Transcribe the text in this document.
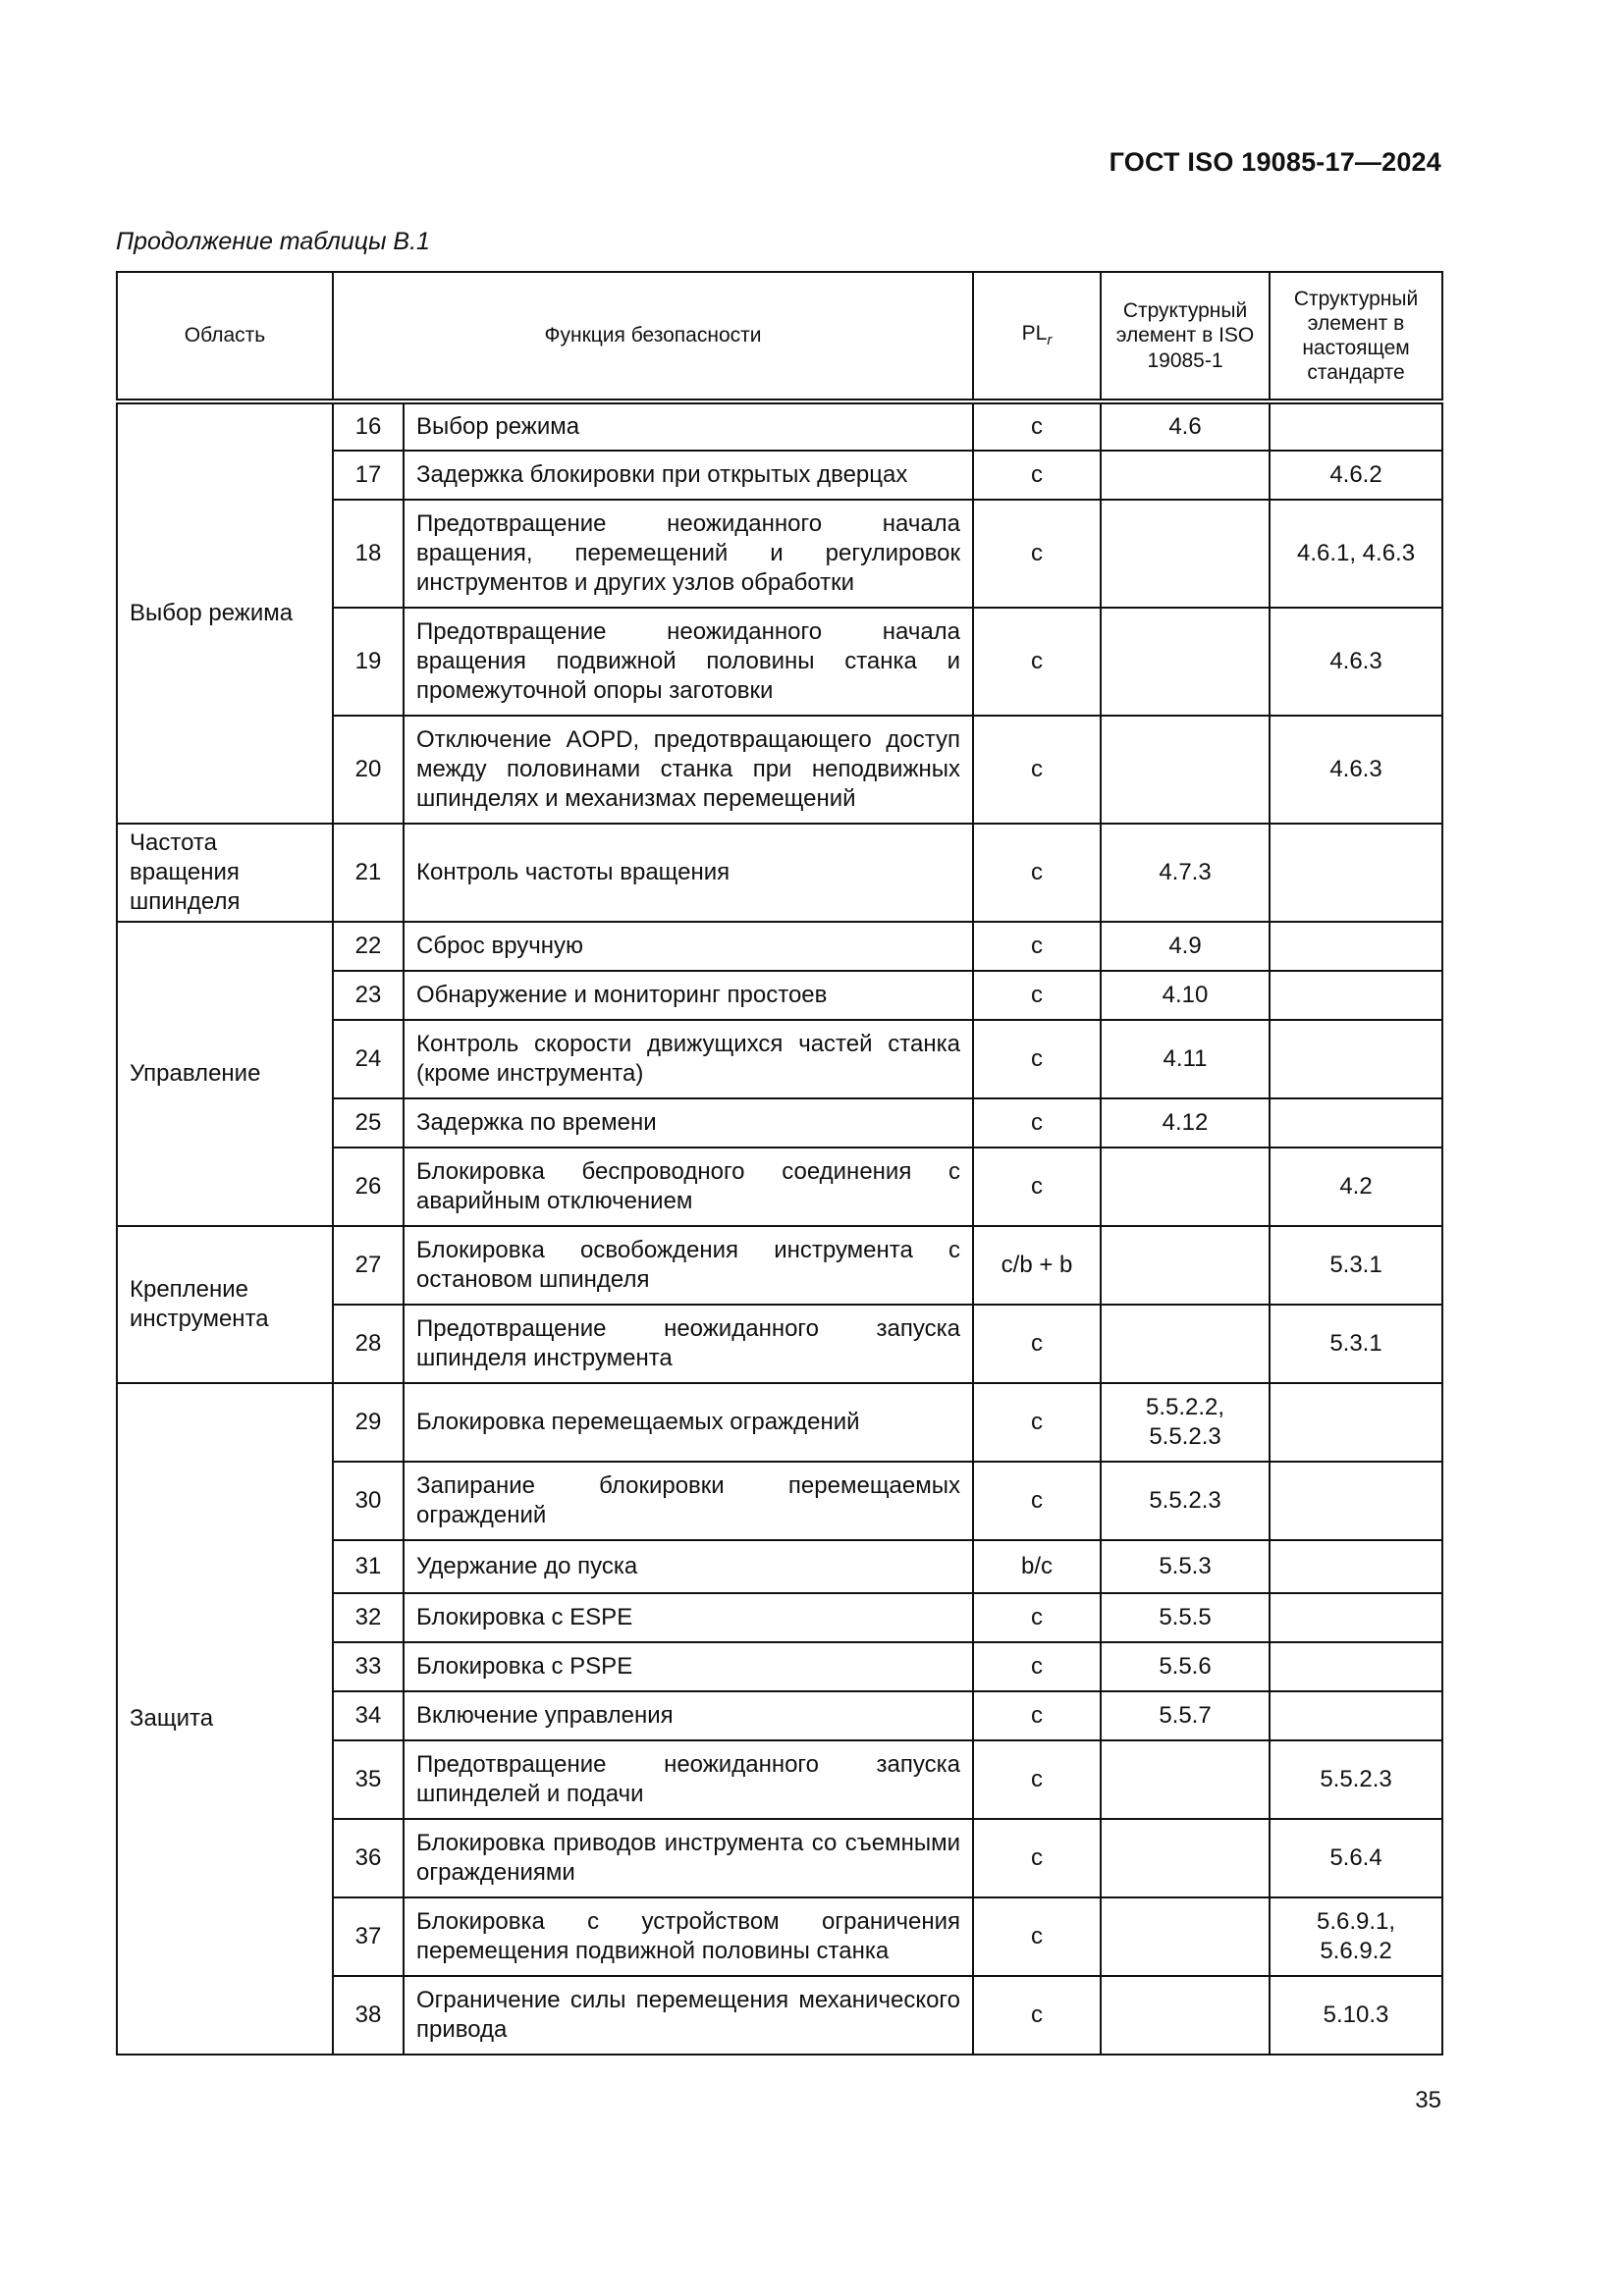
ГОСТ ISO 19085-17—2024
Продолжение таблицы В.1
Область	Функция безопасности		$PL_r$	Структурный элемент в ISO 19085-1	Структурный элемент в настоящем стандарте
Выбор режима	16	Выбор режима	c	4.6	
	17	Задержка блокировки при открытых дверцах	c		4.6.2
	18	Предотвращение неожиданного начала вращения, перемещений и регулировок инструментов и других узлов обработки	c		4.6.1, 4.6.3
	19	Предотвращение неожиданного начала вращения подвижной половины станка и промежуточной опоры заготовки	c		4.6.3
	20	Отключение AOPD, предотвращающего доступ между половинами станка при неподвижных шпинделях и механизмах перемещений	c		4.6.3
Частота вращения шпинделя	21	Контроль частоты вращения	c	4.7.3	
Управление	22	Сброс вручную	c	4.9	
	23	Обнаружение и мониторинг простоев	c	4.10	
	24	Контроль скорости движущихся частей станка (кроме инструмента)	c	4.11	
	25	Задержка по времени	c	4.12	
	26	Блокировка беспроводного соединения с аварийным отключением	c		4.2
Крепление инструмента	27	Блокировка освобождения инструмента с остановом шпинделя	c/b + b		5.3.1
	28	Предотвращение неожиданного запуска шпинделя инструмента	c		5.3.1
Защита	29	Блокировка перемещаемых ограждений	c	5.5.2.2, 5.5.2.3	
	30	Запирание блокировки перемещаемых ограждений	c	5.5.2.3	
	31	Удержание до пуска	b/c	5.5.3	
	32	Блокировка с ESPE	c	5.5.5	
	33	Блокировка с PSPE	c	5.5.6	
	34	Включение управления	c	5.5.7	
	35	Предотвращение неожиданного запуска шпинделей и подачи	c		5.5.2.3
	36	Блокировка приводов инструмента со съемными ограждениями	c		5.6.4
	37	Блокировка с устройством ограничения перемещения подвижной половины станка	c		5.6.9.1, 5.6.9.2
	38	Ограничение силы перемещения механического привода	c		5.10.3
35
